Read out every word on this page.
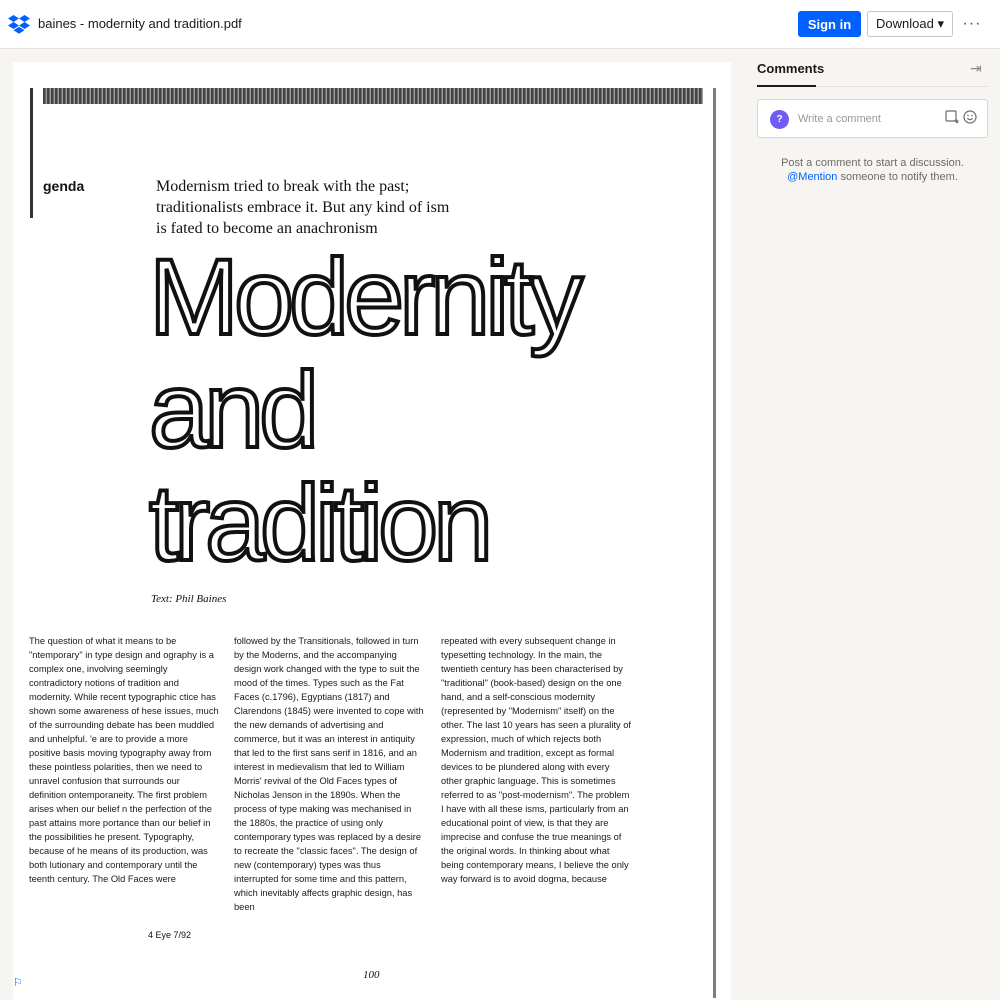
baines - modernity and tradition.pdf	Sign in	Download ▾	···
genda	Modernism tried to break with the past; traditionalists embrace it. But any kind of ism is fated to become an anachronism
Modernity
and
tradition
Text: Phil Baines
The question of what it means to be "ntemporary" in type design and ography is a complex one, involving seemingly contradictory notions of tradition and modernity. While recent typographic ctice has shown some awareness of hese issues, much of the surrounding debate has been muddled and unhelpful. 'e are to provide a more positive basis moving typography away from these pointless polarities, then we need to unravel confusion that surrounds our definition ontemporaneity. The first problem arises when our belief n the perfection of the past attains more portance than our belief in the possibilities he present. Typography, because of he means of its production, was both lutionary and contemporary until the teenth century. The Old Faces were
followed by the Transitionals, followed in turn by the Moderns, and the accompanying design work changed with the type to suit the mood of the times. Types such as the Fat Faces (c.1796), Egyptians (1817) and Clarendons (1845) were invented to cope with the new demands of advertising and commerce, but it was an interest in antiquity that led to the first sans serif in 1816, and an interest in medievalism that led to William Morris' revival of the Old Faces types of Nicholas Jenson in the 1890s. When the process of type making was mechanised in the 1880s, the practice of using only contemporary types was replaced by a desire to recreate the "classic faces". The design of new (contemporary) types was thus interrupted for some time and this pattern, which inevitably affects graphic design, has been
repeated with every subsequent change in typesetting technology. In the main, the twentieth century has been characterised by "traditional" (book-based) design on the one hand, and a self-conscious modernity (represented by "Modernism" itself) on the other. The last 10 years has seen a plurality of expression, much of which rejects both Modernism and tradition, except as formal devices to be plundered along with every other graphic language. This is sometimes referred to as "post-modernism". The problem I have with all these isms, particularly from an educational point of view, is that they are imprecise and confuse the true meanings of the original words. In thinking about what being contemporary means, I believe the only way forward is to avoid dogma, because
4 Eye 7/92
100
⚐
Comments	⇥
?
Write a comment
Post a comment to start a discussion.
@Mention someone to notify them.
